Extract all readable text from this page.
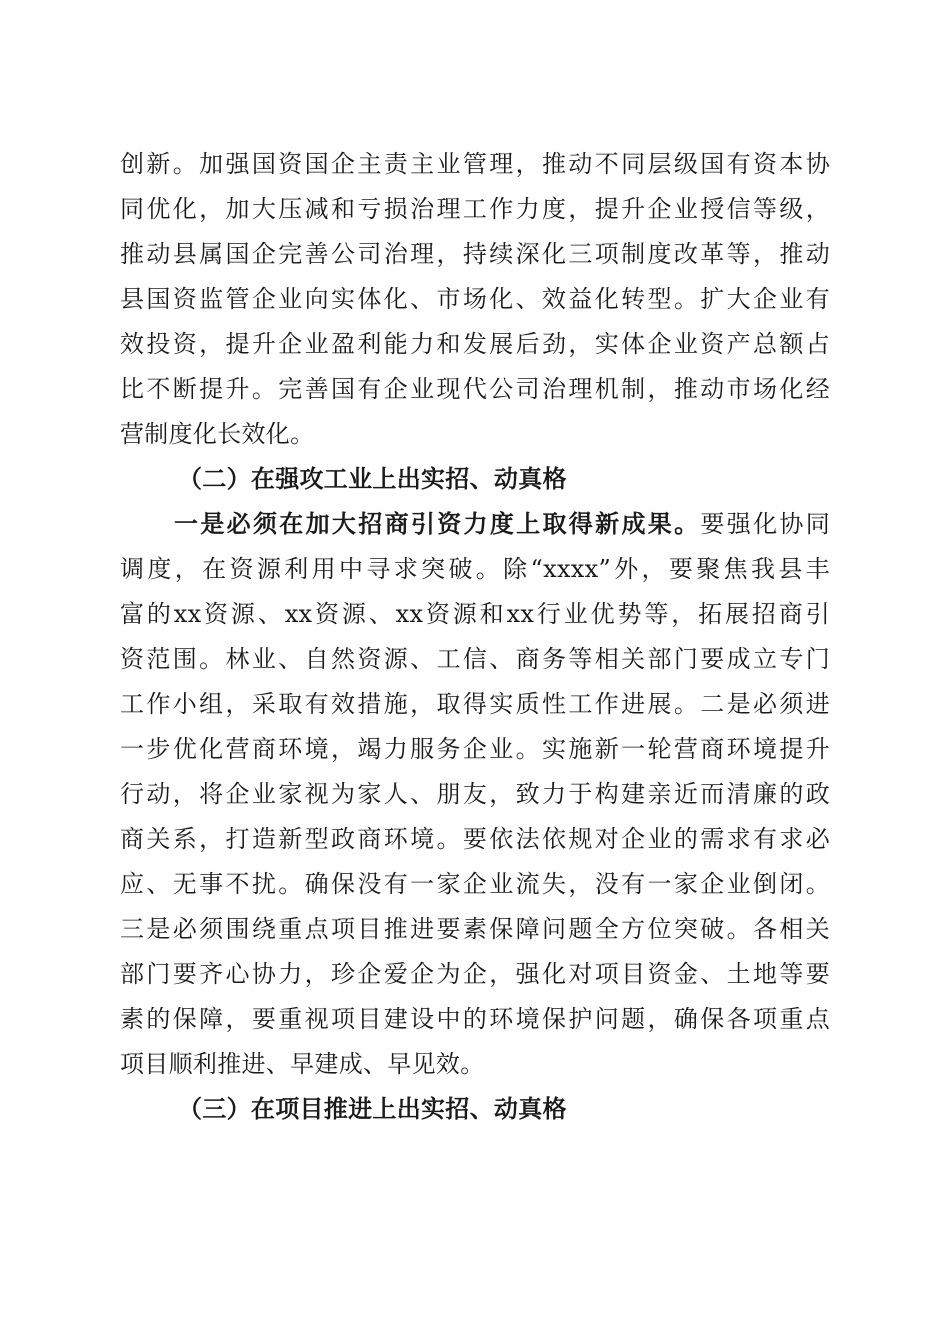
创新。加强国资国企主责主业管理，推动不同层级国有资本协
同优化，加大压减和亏损治理工作力度，提升企业授信等级，
推动县属国企完善公司治理，持续深化三项制度改革等，推动
县国资监管企业向实体化、市场化、效益化转型。扩大企业有
效投资，提升企业盈利能力和发展后劲，实体企业资产总额占
比不断提升。完善国有企业现代公司治理机制，推动市场化经
营制度化长效化。
（二）在强攻工业上出实招、动真格
一是必须在加大招商引资力度上取得新成果。要强化协同
调度，在资源利用中寻求突破。除“xxxx”外，要聚焦我县丰
富的xx资源、xx资源、xx资源和xx行业优势等，拓展招商引
资范围。林业、自然资源、工信、商务等相关部门要成立专门
工作小组，采取有效措施，取得实质性工作进展。二是必须进
一步优化营商环境，竭力服务企业。实施新一轮营商环境提升
行动，将企业家视为家人、朋友，致力于构建亲近而清廉的政
商关系，打造新型政商环境。要依法依规对企业的需求有求必
应、无事不扰。确保没有一家企业流失，没有一家企业倒闭。
三是必须围绕重点项目推进要素保障问题全方位突破。各相关
部门要齐心协力，珍企爱企为企，强化对项目资金、土地等要
素的保障，要重视项目建设中的环境保护问题，确保各项重点
项目顺利推进、早建成、早见效。
（三）在项目推进上出实招、动真格
